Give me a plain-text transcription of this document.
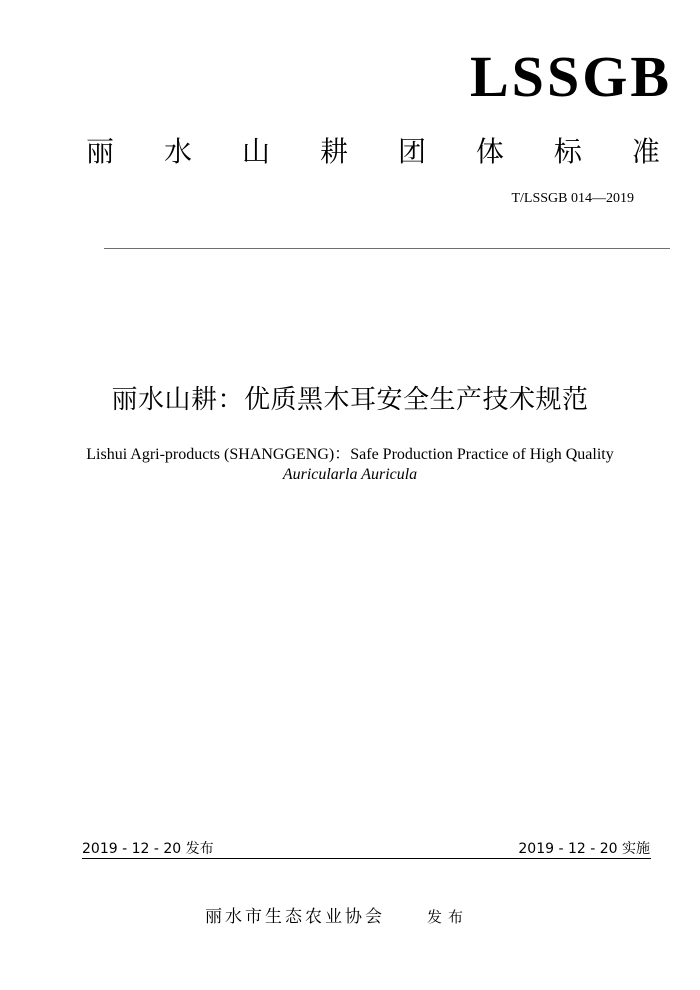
LSSGB
丽 水 山 耕 团 体 标 准
T/LSSGB 014—2019
丽水山耕：优质黑木耳安全生产技术规范
Lishui Agri-products (SHANGGENG)：Safe Production Practice of High Quality
Auricularla Auricula
2019 - 12 - 20 发布	2019 - 12 - 20 实施
丽水市生态农业协会	发布
